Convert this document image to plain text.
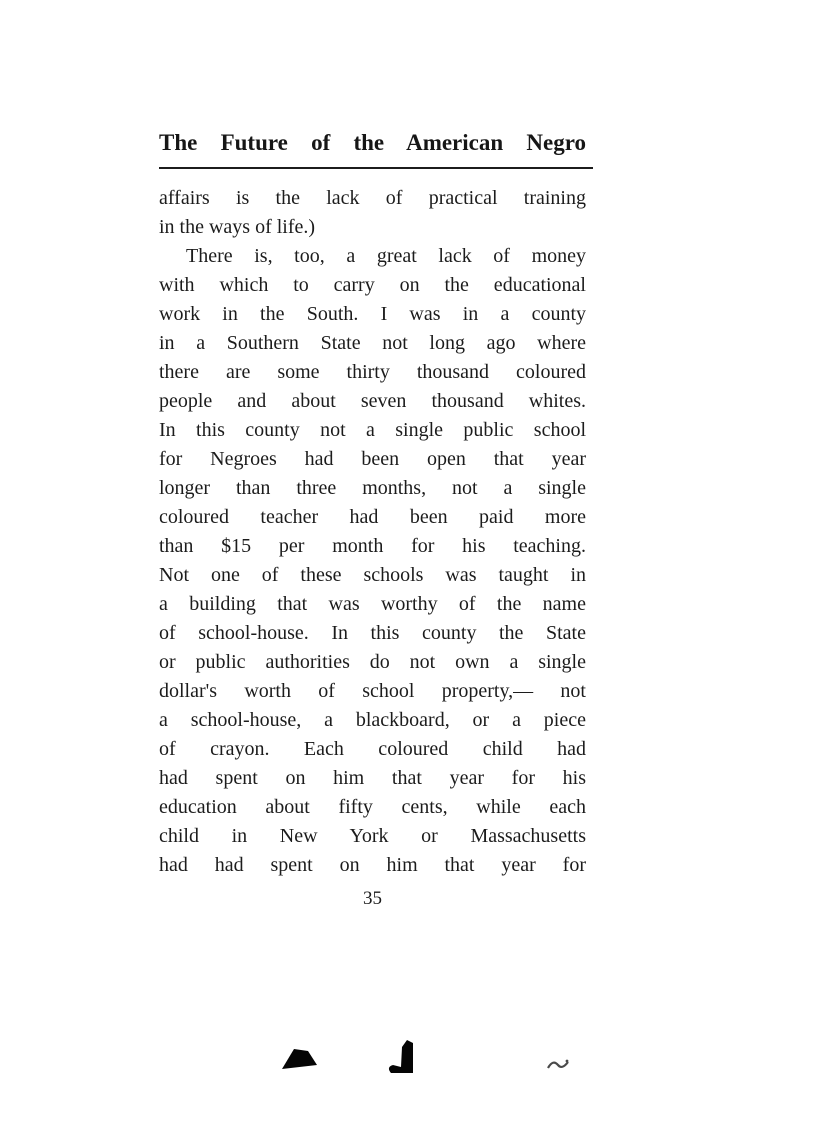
The Future of the American Negro
affairs is the lack of practical training
in the ways of life.)
There is, too, a great lack of money
with which to carry on the educational
work in the South. I was in a county
in a Southern State not long ago where
there are some thirty thousand coloured
people and about seven thousand whites.
In this county not a single public school
for Negroes had been open that year
longer than three months, not a single
coloured teacher had been paid more
than $15 per month for his teaching.
Not one of these schools was taught in
a building that was worthy of the name
of school-house. In this county the State
or public authorities do not own a single
dollar's worth of school property,— not
a school-house, a blackboard, or a piece
of crayon. Each coloured child had
had spent on him that year for his
education about fifty cents, while each
child in New York or Massachusetts
had had spent on him that year for
35
